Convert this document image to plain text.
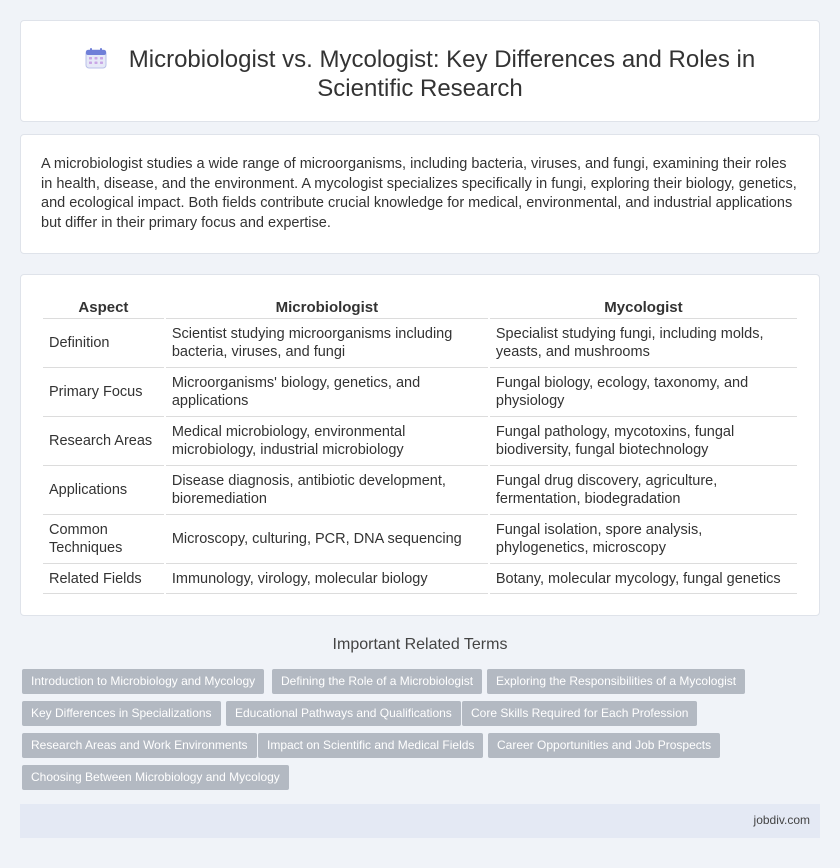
Microbiologist vs. Mycologist: Key Differences and Roles in
Scientific Research

A microbiologist studies a wide range of microorganisms, including bacteria, viruses, and fungi, examining their roles in health, disease, and the environment. A mycologist specializes specifically in fungi, exploring their biology, genetics, and ecological impact. Both fields contribute crucial knowledge for medical, environmental, and industrial applications but differ in their primary focus and expertise.

Aspect	Microbiologist	Mycologist
Definition	Scientist studying microorganisms including bacteria, viruses, and fungi	Specialist studying fungi, including molds, yeasts, and mushrooms
Primary Focus	Microorganisms' biology, genetics, and applications	Fungal biology, ecology, taxonomy, and physiology
Research Areas	Medical microbiology, environmental microbiology, industrial microbiology	Fungal pathology, mycotoxins, fungal biodiversity, fungal biotechnology
Applications	Disease diagnosis, antibiotic development, bioremediation	Fungal drug discovery, agriculture, fermentation, biodegradation
Common Techniques	Microscopy, culturing, PCR, DNA sequencing	Fungal isolation, spore analysis, phylogenetics, microscopy
Related Fields	Immunology, virology, molecular biology	Botany, molecular mycology, fungal genetics
Important Related Terms
Introduction to Microbiology and Mycology	Defining the Role of a Microbiologist	Exploring the Responsibilities of a Mycologist
Key Differences in Specializations	Educational Pathways and Qualifications	Core Skills Required for Each Profession
Research Areas and Work Environments	Impact on Scientific and Medical Fields	Career Opportunities and Job Prospects
Choosing Between Microbiology and Mycology
jobdiv.com
